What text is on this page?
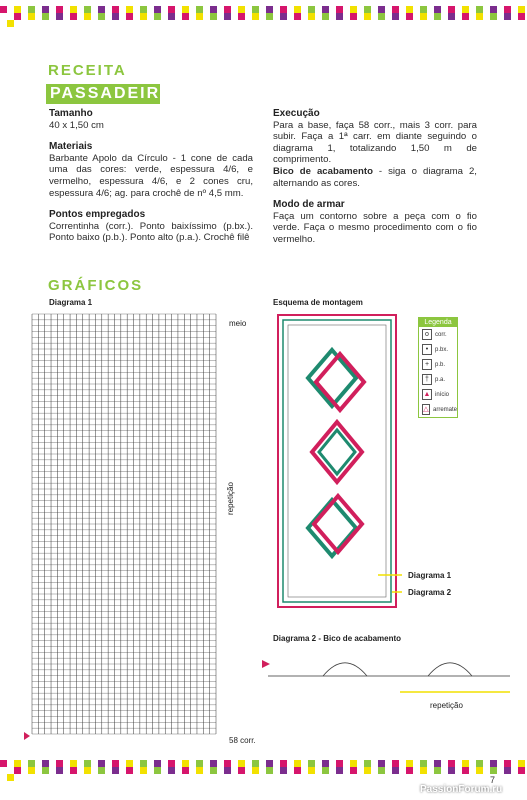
RECEITA
PASSADEIRA
Tamanho

40 x 1,50 cm

Materiais

Barbante Apolo da Círculo - 1 cone de cada uma das cores: verde, espessura 4/6, e vermelho, espessura 4/6, e 2 cones cru, espessura 4/6; ag. para crochê de nº 4,5 mm.

Pontos empregados

Correntinha (corr.). Ponto baixíssimo (p.bx.). Ponto baixo (p.b.). Ponto alto (p.a.). Crochê filê

Execução

Para a base, faça 58 corr., mais 3 corr. para subir. Faça a 1ª carr. em diante seguindo o diagrama 1, totalizando 1,50 m de comprimento.

Bico de acabamento - siga o diagrama 2, alternando as cores.

Modo de armar

Faça um contorno sobre a peça com o fio verde. Faça o mesmo procedimento com o fio vermelho.

GRÁFICOS
Diagrama 1
meio
repetição
58 corr.
Esquema de montagem
Diagrama 1
Diagrama 2
Legenda
o	corr.
•	p.bx.
+ p.b.
†	p.a.
▲ início
△ arremate
Diagrama 2 - Bico de acabamento
repetição
7
PassionForum.ru
